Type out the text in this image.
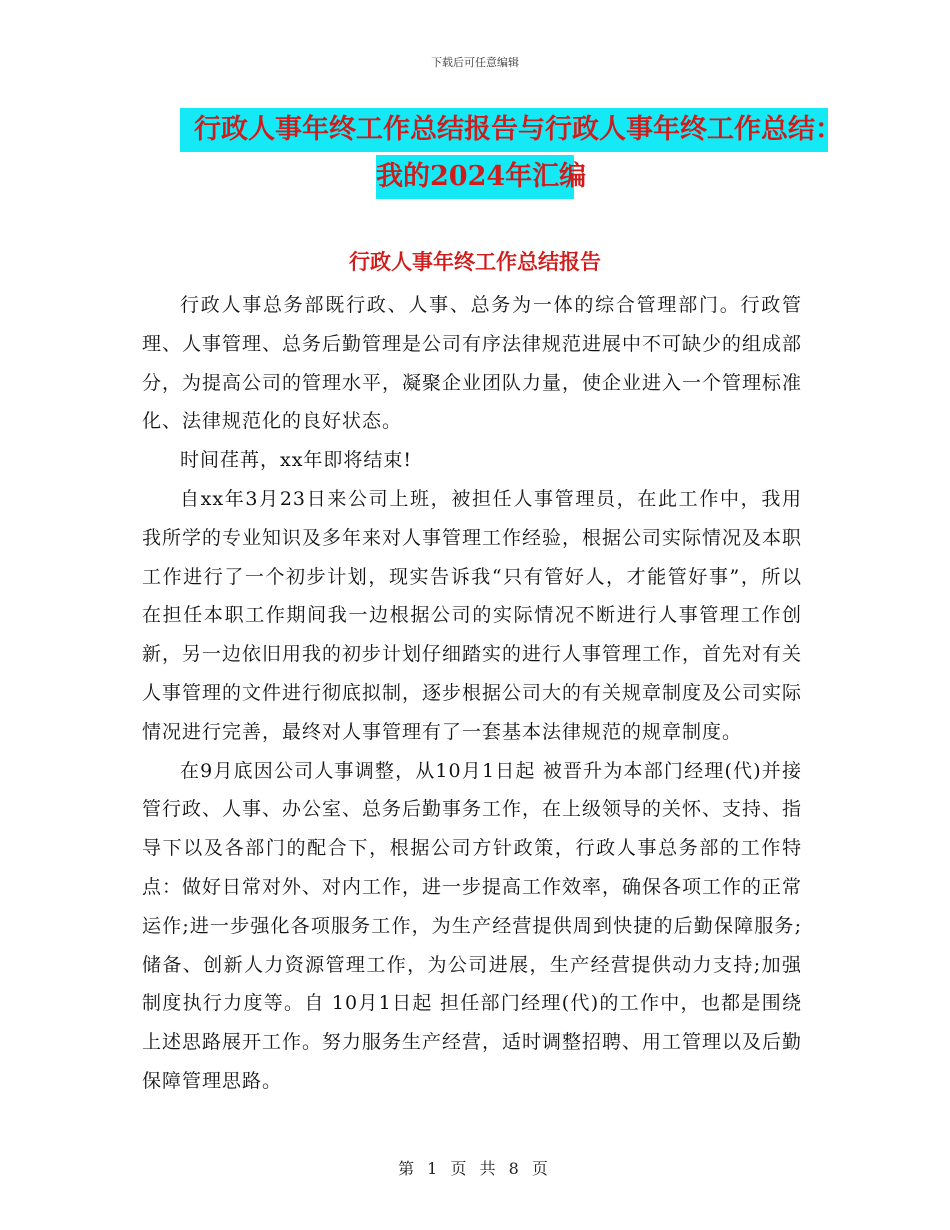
下载后可任意编辑
行政人事年终工作总结报告与行政人事年终工作总结：
我的2024年汇编
行政人事年终工作总结报告

行政人事总务部既行政、人事、总务为一体的综合管理部门。行政管理、人事管理、总务后勤管理是公司有序法律规范进展中不可缺少的组成部分，为提高公司的管理水平，凝聚企业团队力量，使企业进入一个管理标准化、法律规范化的良好状态。

时间荏苒，xx年即将结束!

自xx年3月23日来公司上班，被担任人事管理员，在此工作中，我用我所学的专业知识及多年来对人事管理工作经验，根据公司实际情况及本职工作进行了一个初步计划，现实告诉我“只有管好人，才能管好事”，所以在担任本职工作期间我一边根据公司的实际情况不断进行人事管理工作创新，另一边依旧用我的初步计划仔细踏实的进行人事管理工作，首先对有关人事管理的文件进行彻底拟制，逐步根据公司大的有关规章制度及公司实际情况进行完善，最终对人事管理有了一套基本法律规范的规章制度。

在9月底因公司人事调整，从10月1日起 被晋升为本部门经理(代)并接管行政、人事、办公室、总务后勤事务工作，在上级领导的关怀、支持、指导下以及各部门的配合下，根据公司方针政策，行政人事总务部的工作特点：做好日常对外、对内工作，进一步提高工作效率，确保各项工作的正常运作;进一步强化各项服务工作，为生产经营提供周到快捷的后勤保障服务;储备、创新人力资源管理工作，为公司进展，生产经营提供动力支持;加强制度执行力度等。自 10月1日起 担任部门经理(代)的工作中，也都是围绕上述思路展开工作。努力服务生产经营，适时调整招聘、用工管理以及后勤保障管理思路。

第 1 页 共 8 页
